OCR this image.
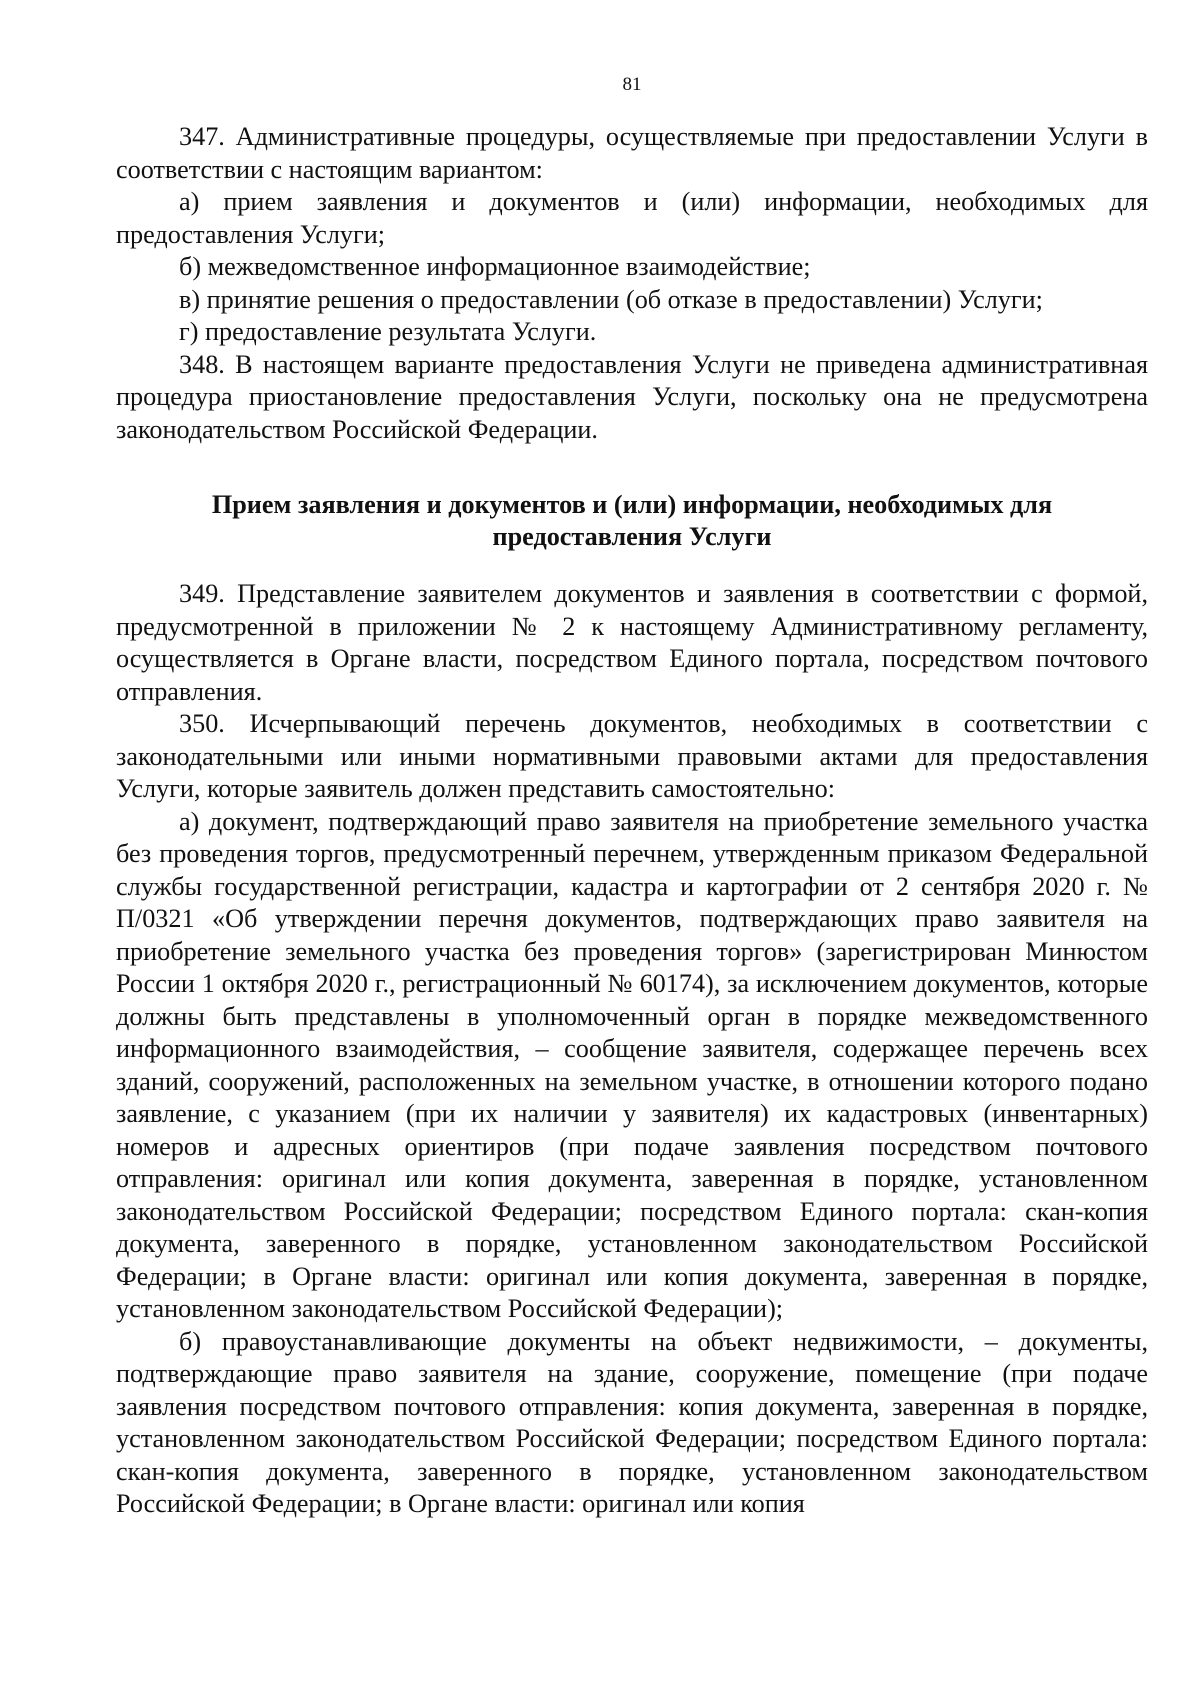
81

347. Административные процедуры, осуществляемые при предоставлении Услуги в соответствии с настоящим вариантом:

а) прием заявления и документов и (или) информации, необходимых для предоставления Услуги;

б) межведомственное информационное взаимодействие;

в) принятие решения о предоставлении (об отказе в предоставлении) Услуги;

г) предоставление результата Услуги.

348. В настоящем варианте предоставления Услуги не приведена административная процедура приостановление предоставления Услуги, поскольку она не предусмотрена законодательством Российской Федерации.

Прием заявления и документов и (или) информации, необходимых для
предоставления Услуги

349. Представление заявителем документов и заявления в соответствии с формой, предусмотренной в приложении № 2 к настоящему Административному регламенту, осуществляется в Органе власти, посредством Единого портала, посредством почтового отправления.

350. Исчерпывающий перечень документов, необходимых в соответствии с законодательными или иными нормативными правовыми актами для предоставления Услуги, которые заявитель должен представить самостоятельно:

а) документ, подтверждающий право заявителя на приобретение земельного участка без проведения торгов, предусмотренный перечнем, утвержденным приказом Федеральной службы государственной регистрации, кадастра и картографии от 2 сентября 2020 г. № П/0321 «Об утверждении перечня документов, подтверждающих право заявителя на приобретение земельного участка без проведения торгов» (зарегистрирован Минюстом России 1 октября 2020 г., регистрационный № 60174), за исключением документов, которые должны быть представлены в уполномоченный орган в порядке межведомственного информационного взаимодействия, – сообщение заявителя, содержащее перечень всех зданий, сооружений, расположенных на земельном участке, в отношении которого подано заявление, с указанием (при их наличии у заявителя) их кадастровых (инвентарных) номеров и адресных ориентиров (при подаче заявления посредством почтового отправления: оригинал или копия документа, заверенная в порядке, установленном законодательством Российской Федерации; посредством Единого портала: скан-копия документа, заверенного в порядке, установленном законодательством Российской Федерации; в Органе власти: оригинал или копия документа, заверенная в порядке, установленном законодательством Российской Федерации);

б) правоустанавливающие документы на объект недвижимости, – документы, подтверждающие право заявителя на здание, сооружение, помещение (при подаче заявления посредством почтового отправления: копия документа, заверенная в порядке, установленном законодательством Российской Федерации; посредством Единого портала: скан-копия документа, заверенного в порядке, установленном законодательством Российской Федерации; в Органе власти: оригинал или копия
